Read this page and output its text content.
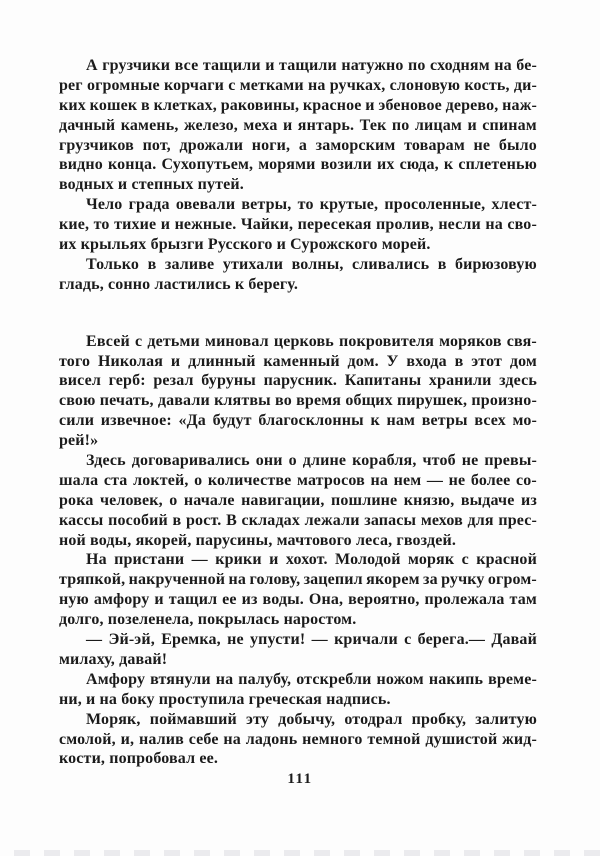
А грузчики все тащили и тащили натужно по сходням на бе-
рег огромные корчаги с метками на ручках, слоновую кость, ди-
ких кошек в клетках, раковины, красное и эбеновое дерево, наж-
дачный камень, железо, меха и янтарь. Тек по лицам и спинам
грузчиков пот, дрожали ноги, а заморским товарам не было
видно конца. Сухопутьем, морями возили их сюда, к сплетенью
водных и степных путей.
Чело града овевали ветры, то крутые, просоленные, хлест-
кие, то тихие и нежные. Чайки, пересекая пролив, несли на сво-
их крыльях брызги Русского и Сурожского морей.
Только в заливе утихали волны, сливались в бирюзовую
гладь, сонно ластились к берегу.
Евсей с детьми миновал церковь покровителя моряков свя-
того Николая и длинный каменный дом. У входа в этот дом
висел герб: резал буруны парусник. Капитаны хранили здесь
свою печать, давали клятвы во время общих пирушек, произно-
сили извечное: «Да будут благосклонны к нам ветры всех мо-
рей!»
Здесь договаривались они о длине корабля, чтоб не превы-
шала ста локтей, о количестве матросов на нем — не более со-
рока человек, о начале навигации, пошлине князю, выдаче из
кассы пособий в рост. В складах лежали запасы мехов для прес-
ной воды, якорей, парусины, мачтового леса, гвоздей.
На пристани — крики и хохот. Молодой моряк с красной
тряпкой, накрученной на голову, зацепил якорем за ручку огром-
ную амфору и тащил ее из воды. Она, вероятно, пролежала там
долго, позеленела, покрылась наростом.
— Эй-эй, Еремка, не упусти! — кричали с берега.— Давай
милаху, давай!
Амфору втянули на палубу, отскребли ножом накипь време-
ни, и на боку проступила греческая надпись.
Моряк, поймавший эту добычу, отодрал пробку, залитую
смолой, и, налив себе на ладонь немного темной душистой жид-
кости, попробовал ее.
111
